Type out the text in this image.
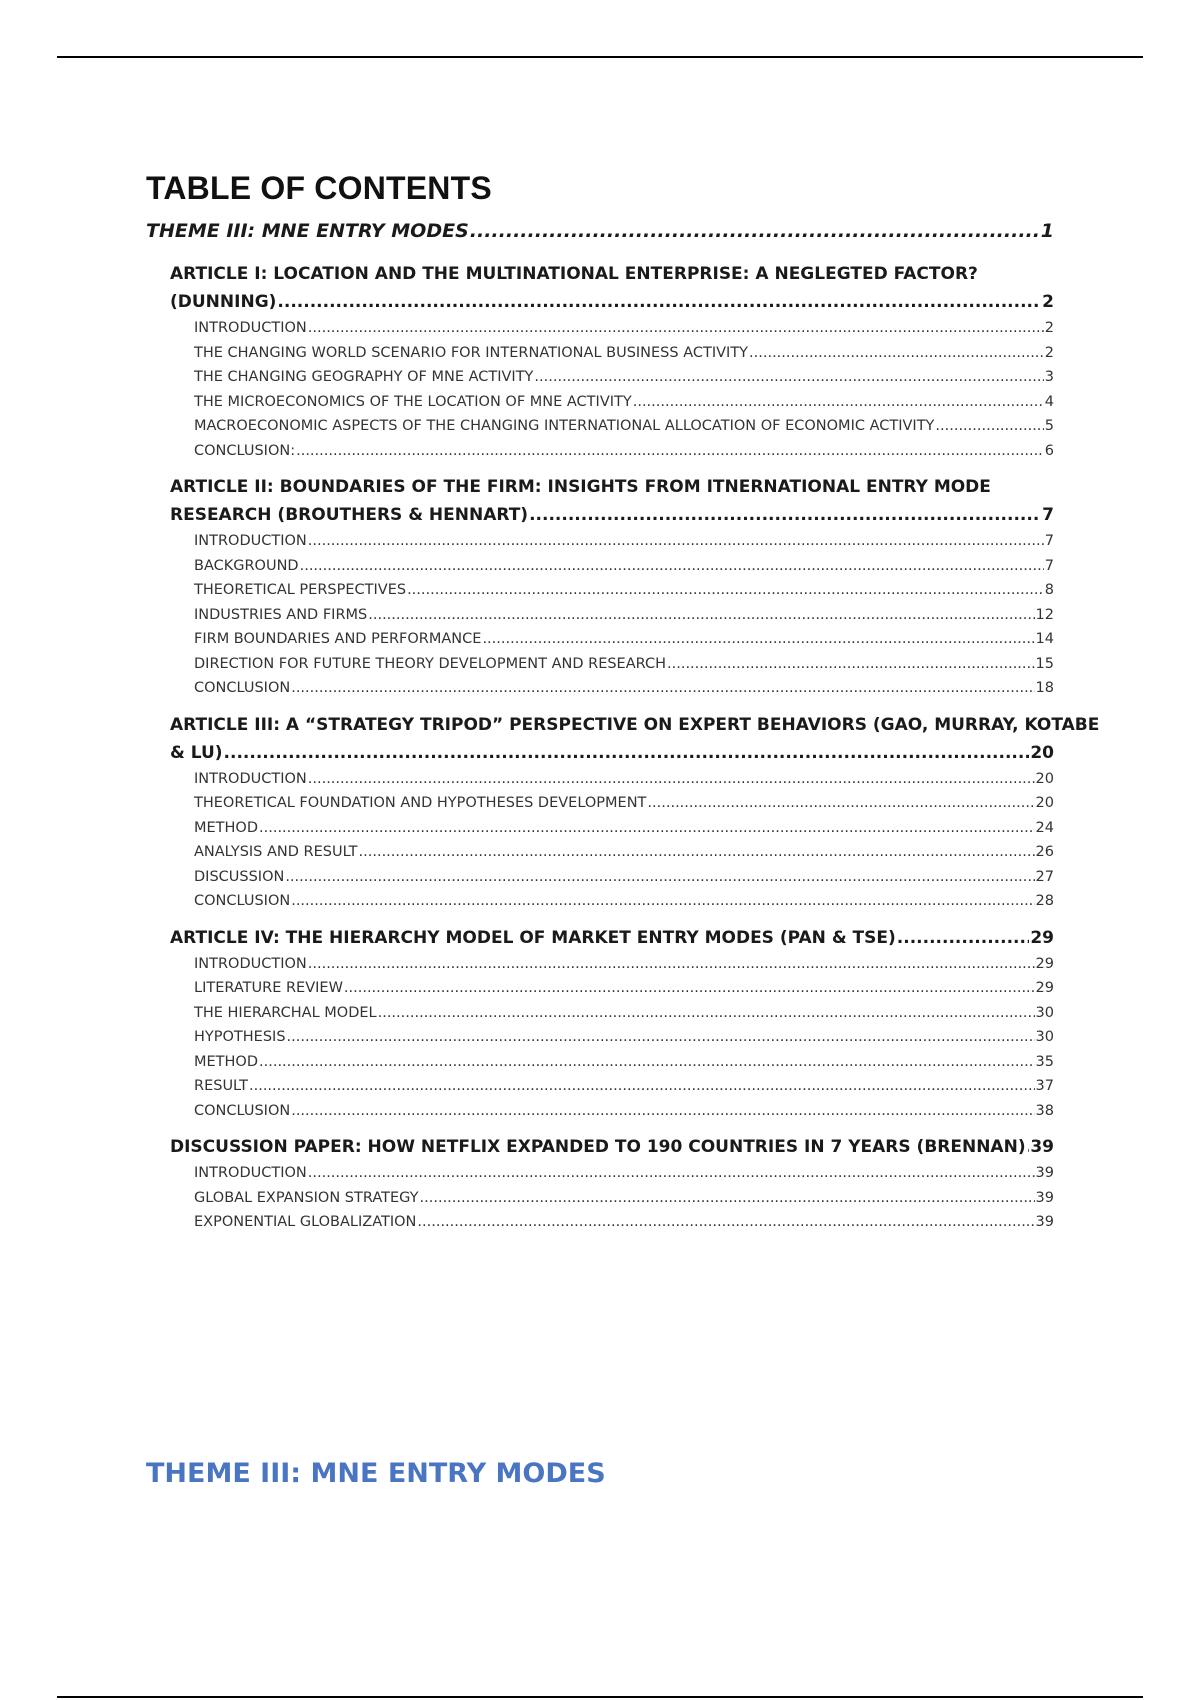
TABLE OF CONTENTS
THEME III: MNE ENTRY MODES .....	1
ARTICLE I: LOCATION AND THE MULTINATIONAL ENTERPRISE: A NEGLEGTED FACTOR?
(DUNNING) .....	2
INTRODUCTION .....	2
THE CHANGING WORLD SCENARIO FOR INTERNATIONAL BUSINESS ACTIVITY .....	2
THE CHANGING GEOGRAPHY OF MNE ACTIVITY .....	3
THE MICROECONOMICS OF THE LOCATION OF MNE ACTIVITY .....	4
MACROECONOMIC ASPECTS OF THE CHANGING INTERNATIONAL ALLOCATION OF ECONOMIC ACTIVITY .....	5
CONCLUSION: .....	6
ARTICLE II: BOUNDARIES OF THE FIRM: INSIGHTS FROM ITNERNATIONAL ENTRY MODE
RESEARCH (BROUTHERS & HENNART) .....	7
INTRODUCTION .....	7
BACKGROUND .....	7
THEORETICAL PERSPECTIVES .....	8
INDUSTRIES AND FIRMS .....	12
FIRM BOUNDARIES AND PERFORMANCE .....	14
DIRECTION FOR FUTURE THEORY DEVELOPMENT AND RESEARCH .....	15
CONCLUSION .....	18
ARTICLE III: A “STRATEGY TRIPOD” PERSPECTIVE ON EXPERT BEHAVIORS (GAO, MURRAY, KOTABE
& LU) .....	20
INTRODUCTION .....	20
THEORETICAL FOUNDATION AND HYPOTHESES DEVELOPMENT .....	20
METHOD .....	24
ANALYSIS AND RESULT .....	26
DISCUSSION .....	27
CONCLUSION .....	28
ARTICLE IV: THE HIERARCHY MODEL OF MARKET ENTRY MODES (PAN & TSE) .....	29
INTRODUCTION .....	29
LITERATURE REVIEW .....	29
THE HIERARCHAL MODEL .....	30
HYPOTHESIS .....	30
METHOD .....	35
RESULT .....	37
CONCLUSION .....	38
DISCUSSION PAPER: HOW NETFLIX EXPANDED TO 190 COUNTRIES IN 7 YEARS (BRENNAN) ..... 39
INTRODUCTION .....	39
GLOBAL EXPANSION STRATEGY .....	39
EXPONENTIAL GLOBALIZATION .....	39
THEME III: MNE ENTRY MODES
